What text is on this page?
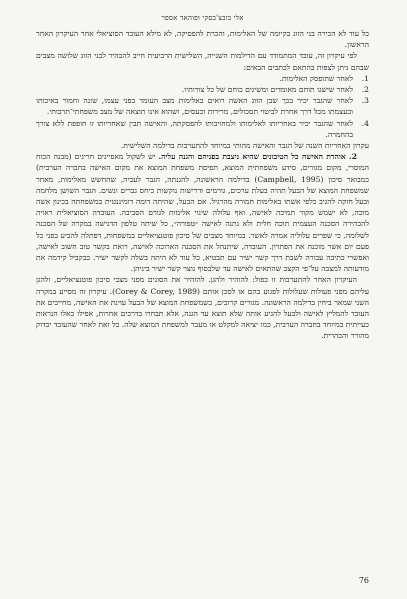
אלי בובצ'בסקי ופוהאד אספר

כל עוד לא הכירה בני הזוג בקיומה של האלימות, והכרת להפסיקה, לא מילא העובד הסוציאלי אחר העיקרון האחר הראשון.

לפי עיקרון זה, עובד המתמודד עם הדילמות השנייה, השלישית הרביעית חייב להבהיר לבני הזוג שלושה מצבים שבהם ניתן לצפות בהתאם לכתבים הבאים:

1.
לאחר שתופסק האלימות.
2.
לאחר שישגו תוחם מאומדים ומשיגים כוחם של כל צורותיו.
3.
לאחר שהגבר יכיר בכך שבן הזוג האשה רואים באלימות מצב העומד בפני עצמו, שונה וחמור באיכותו ובעצמתו מכל דרך אחרת לביטוי תסכולים, מרירות וכעסים, ושהוא אינו תוצאה של מצב משפחתי־תרבותי.
4.
לאחר שהגבר יכיר באחריותו לאלימותו ולמחויבותו להפסקתה, והאישה תבין שאחריותו זו חופפת ללא צורך בהחמרה.

עקרון האחריות השנה של הגבר והאישה מהותי במיוחד להתערבות בדילמה השלישית.

2. אוהדת האישה כל הטיבונים שהיא ניצבת בפניהם והגנה עליה. יש לשקול מאפיינים חריגים (מבנה הכוח המוסרי, מקום מגורים, סידע משפחתית המוצא, תפיסת משפחת המוצא את מקום האישה בחברה הערבית) כמבואר סיכון (Campbell, 1995) בדילמה הראשונה, להגנתה, הגבר לעביה, שהחשש מאלימות, מאחר שמשפחת המוצא של הבעל תהיה בעלת ערכים, גורמים ודרישות נוקשות כיחס גברים ונשים. הגבר השושן מלחמה ובעל חזקה להגיב כלפי אשתו באלימות חמורה מהרגיל. אם הבעל, שהיתה דומה דומיננטית במשפחתה בכינון אשה מוכה, לא ישמש מקור תמיכה לאישה, ואף עלולה שינוי אלימות לגורם הסביבה. העובדה הסוציאלית ראויה להבהירה הסכנה העצמית תוכה חלית ולא נתנה לאישה ״טפורה״, כל שיתה טלפון הדגישה במקרה של הסכנה לשלומה, כי שפרים עלוליה אמרה לאשר. במיוחד מצבים של סיכון פוטנציאליים במשפחות, דפתלה להביע בפני כל פעם יום אשר מוכנה את הפתרון. העובדה, שיתנהל את הסכנה הארוכה לאישה, רואת בקשר טוב חשוב לאישה, ואפשרי כתיבה עבורה לשבת דרך קשר ישיר עם תבטיא, כל עוד לא היתה בשלה לקשר ישיר. כבקביל קידמה את מודעותה למצבה על־פי הקצב שהתאים לאישה עד שלבסוף נוצר קשר ישיר ביניהן.

העיקרון האחר להתערבות זו כפול: להוהיר ולהגן. להזהיר את הסונים מפני מצבי סיכון פוטנציאליים, ולהגן עליהם מפני פעולות שעלולות לפגוע בהם או לסכן אותם (Corey & Corey, 1989). עיקרון זה מסייע במקרה השני שמאר ביחין בדילמה הראשונה. מגורים קרובים, כשמשפחת המוצא של הבעל עוינת את האישה, מחייבים את העובד להמליץ לאישה ולבעל להגיע אותה שלא תוצא עד הגנה, אלא תבחרו בדרכים אחרות, אפילו כאלו הנראות כעייתית במיוחד בחברה הערבית, כמו יציאה למקלט או מעבר למשפחת המוצא שלה. כל זאת לאחר שהעובד יבדוק מהורר והכהרית.

76
